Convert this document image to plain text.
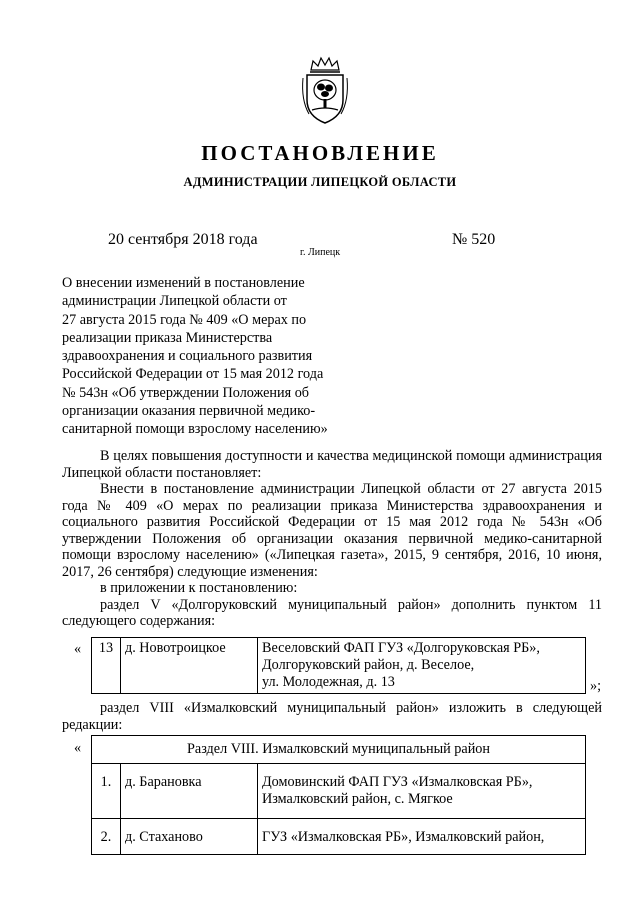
ПОСТАНОВЛЕНИЕ
АДМИНИСТРАЦИИ ЛИПЕЦКОЙ ОБЛАСТИ
20 сентября 2018 года
г. Липецк
№ 520
О внесении изменений в постановление
администрации Липецкой области от
27 августа 2015 года № 409 «О мерах по
реализации приказа Министерства
здравоохранения и социального развития
Российской Федерации от 15 мая 2012 года
№ 543н «Об утверждении Положения об
организации оказания первичной медико-
санитарной помощи взрослому населению»

В целях повышения доступности и качества медицинской помощи администрация Липецкой области постановляет:

Внести в постановление администрации Липецкой области от 27 августа 2015 года № 409 «О мерах по реализации приказа Министерства здравоохранения и социального развития Российской Федерации от 15 мая 2012 года № 543н «Об утверждении Положения об организации оказания первичной медико-санитарной помощи взрослому населению» («Липецкая газета», 2015, 9 сентября, 2016, 10 июня, 2017, 26 сентября) следующие изменения:

в приложении к постановлению:

раздел V «Долгоруковский муниципальный район» дополнить пунктом 11 следующего содержания:

« 13	д. Новотроицкое	Веселовский ФАП ГУЗ «Долгоруковская РБ»,
Долгоруковский район, д. Веселое,
ул. Молодежная, д. 13	»;

раздел VIII «Измалковский муниципальный район» изложить в следующей редакции:

«	Раздел VIII. Измалковский муниципальный район		
1.	д. Барановка	Домовинский ФАП ГУЗ «Измалковская РБ»,
Измалковский район, с. Мягкое

2.	д. Стаханово	ГУЗ «Измалковская РБ», Измалковский район,
